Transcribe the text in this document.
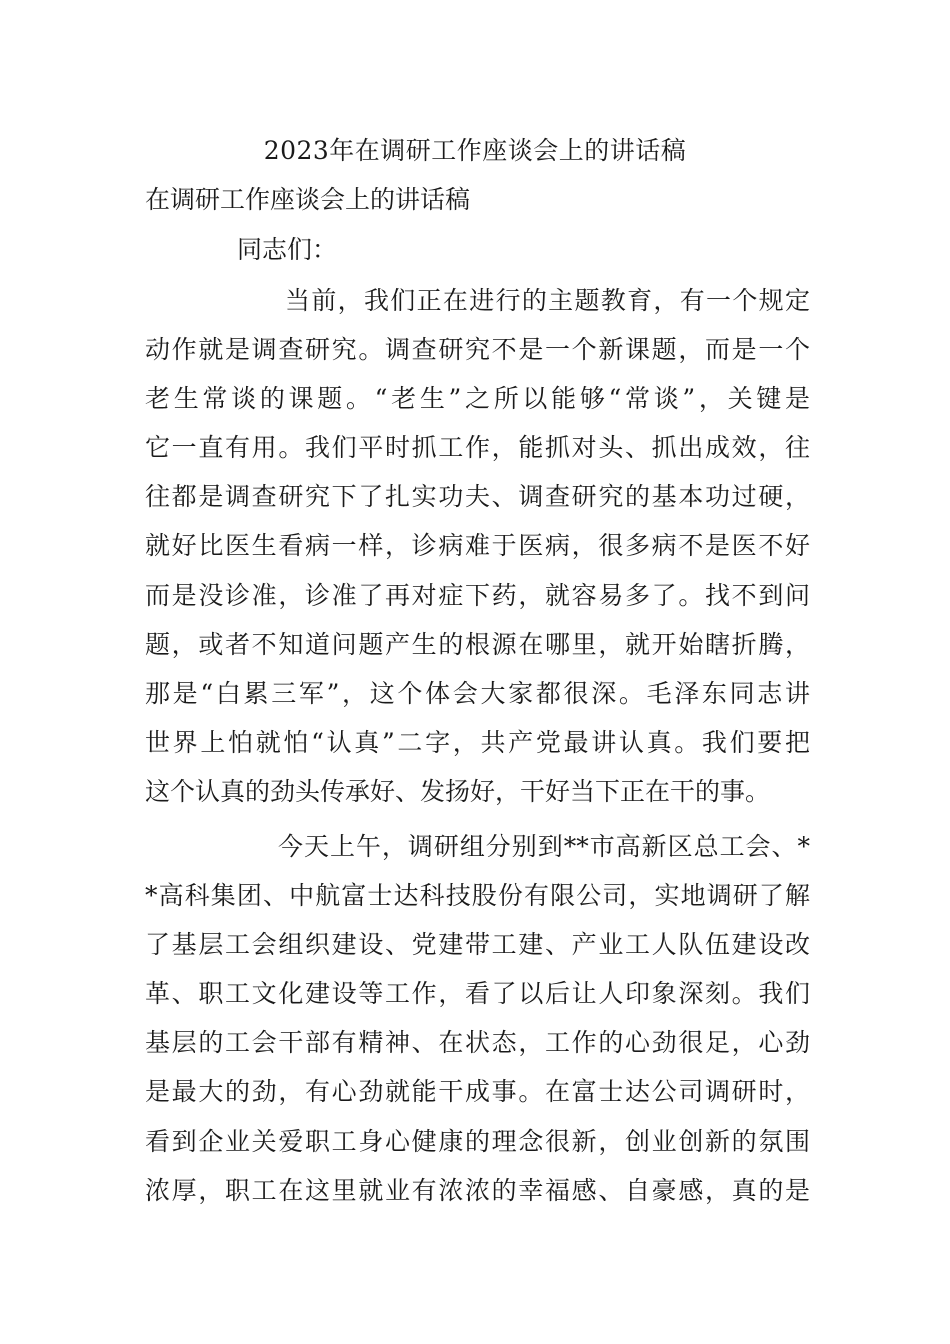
2023年在调研工作座谈会上的讲话稿
在调研工作座谈会上的讲话稿
同志们：
当前，我们正在进行的主题教育，有一个规定
动作就是调查研究。调查研究不是一个新课题，而是一个
老生常谈的课题。“老生”之所以能够“常谈”，关键是
它一直有用。我们平时抓工作，能抓对头、抓出成效，往
往都是调查研究下了扎实功夫、调查研究的基本功过硬，
就好比医生看病一样，诊病难于医病，很多病不是医不好
而是没诊准，诊准了再对症下药，就容易多了。找不到问
题，或者不知道问题产生的根源在哪里，就开始瞎折腾，
那是“白累三军”，这个体会大家都很深。毛泽东同志讲
世界上怕就怕“认真”二字，共产党最讲认真。我们要把
这个认真的劲头传承好、发扬好，干好当下正在干的事。
今天上午，调研组分别到**市高新区总工会、*
*高科集团、中航富士达科技股份有限公司，实地调研了解
了基层工会组织建设、党建带工建、产业工人队伍建设改
革、职工文化建设等工作，看了以后让人印象深刻。我们
基层的工会干部有精神、在状态，工作的心劲很足，心劲
是最大的劲，有心劲就能干成事。在富士达公司调研时，
看到企业关爱职工身心健康的理念很新，创业创新的氛围
浓厚，职工在这里就业有浓浓的幸福感、自豪感，真的是
